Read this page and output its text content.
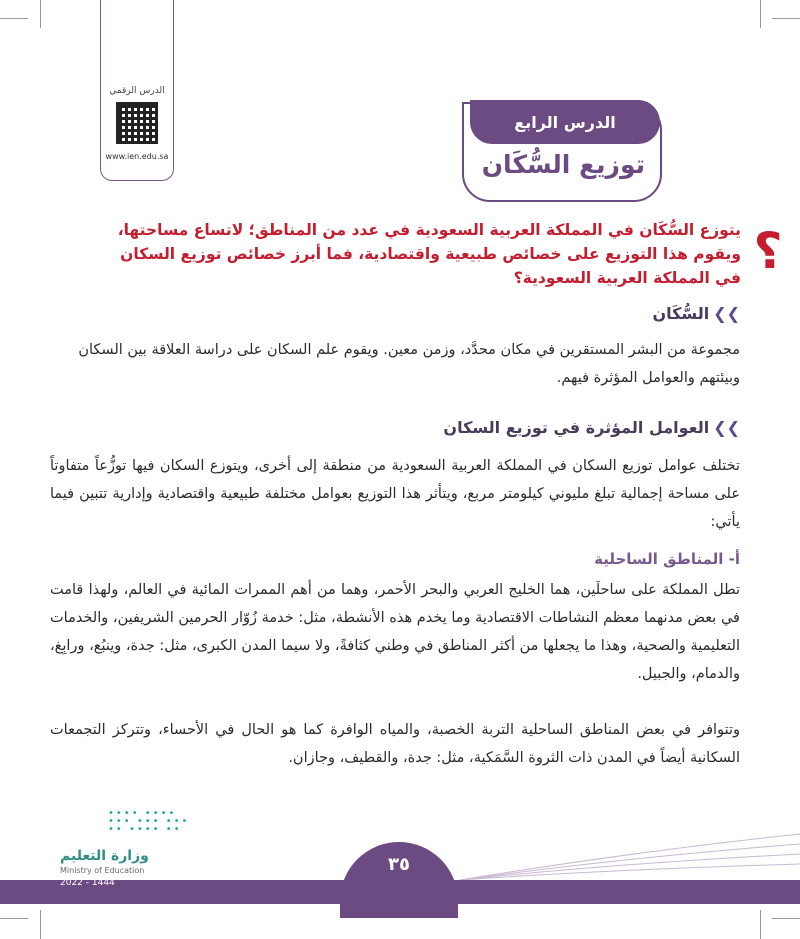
الدرس الرقمي
www.ien.edu.sa
الدرس الرابع
توزيع السُّكَان
؟
يتوزع السُّكَان في المملكة العربية السعودية في عدد من المناطق؛ لاتساع مساحتها، ويقوم هذا التوزيع على خصائص طبيعية واقتصادية، فما أبرز خصائص توزيع السكان في المملكة العربية السعودية؟
❯❯السُّكَان
مجموعة من البشر المستقرين في مكان محدَّد، وزمن معين. ويقوم علم السكان على دراسة العلاقة بين السكان وبيئتهم والعوامل المؤثرة فيهم.
❯❯العوامل المؤثرة في توزيع السكان
تختلف عوامل توزيع السكان في المملكة العربية السعودية من منطقة إلى أخرى، ويتوزع السكان فيها توزُّعاً متفاوتاً على مساحة إجمالية تبلغ مليوني كيلومتر مربع، ويتأثر هذا التوزيع بعوامل مختلفة طبيعية واقتصادية وإدارية تتبين فيما يأتي:
أ- المناطق الساحلية
تطل المملكة على ساحلَين، هما الخليج العربي والبحر الأحمر، وهما من أهم الممرات المائية في العالم، ولهذا قامت في بعض مدنهما معظم النشاطات الاقتصادية وما يخدم هذه الأنشطة، مثل: خدمة زُوّار الحرمين الشريفين، والخدمات التعليمية والصحية، وهذا ما يجعلها من أكثر المناطق في وطني كثافةً، ولا سيما المدن الكبرى، مثل: جدة، وينبُع، ورابِغ، والدمام، والجبيل.
وتتوافر في بعض المناطق الساحلية التربة الخصبة، والمياه الوافرة كما هو الحال في الأحساء، وتتركز التجمعات السكانية أيضاً في المدن ذات الثروة السَّمَكية، مثل: جدة، والقطيف، وجازان.
٣٥
•••• ••••
••• ••• •••
•• •••• ••
وزارة التعليم
Ministry of Education
2022 - 1444
